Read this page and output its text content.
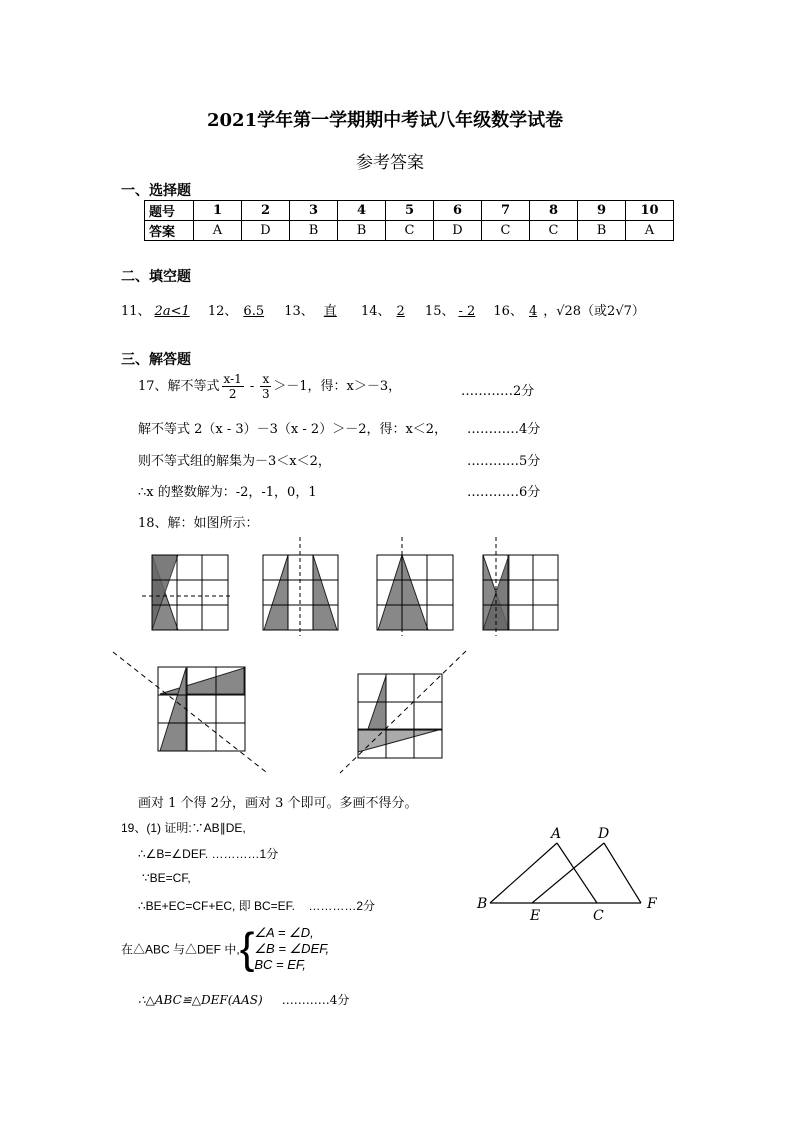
2021学年第一学期期中考试八年级数学试卷
参考答案
一、选择题
题号	1	2	3	4	5	6	7	8	9	10
答案	A	D	B	B	C	D	C	C	B	A
二、填空题
11、 2a<1 12、 6.5 13、 直 14、 2 15、 - 2 16、 4 ，√28（或2√7）
三、解答题
17、解不等式 $\frac{x-1}{2} - \frac{x}{3} >-1$，得：x＞－3，	…………2分
解不等式 2（x - 3）－3（x - 2）＞－2，得：x＜2， …………4分
则不等式组的解集为－3＜x＜2，	…………5分
∴x 的整数解为：-2，-1，0，1	…………6分
18、解：如图所示：
画对 1 个得 2分，画对 3 个即可。多画不得分。
19、(1) 证明:∵AB∥DE,
∴∠B=∠DEF. …………1分
∵BE=CF,
∴BE+EC=CF+EC, 即 BC=EF. …………2分
在△ABC 与△DEF 中,{ ∠A = ∠D,
∠B = ∠DEF,
BC = EF,
∴△ABC≌△DEF(AAS) …………4分
A	D
B
E	C
F
